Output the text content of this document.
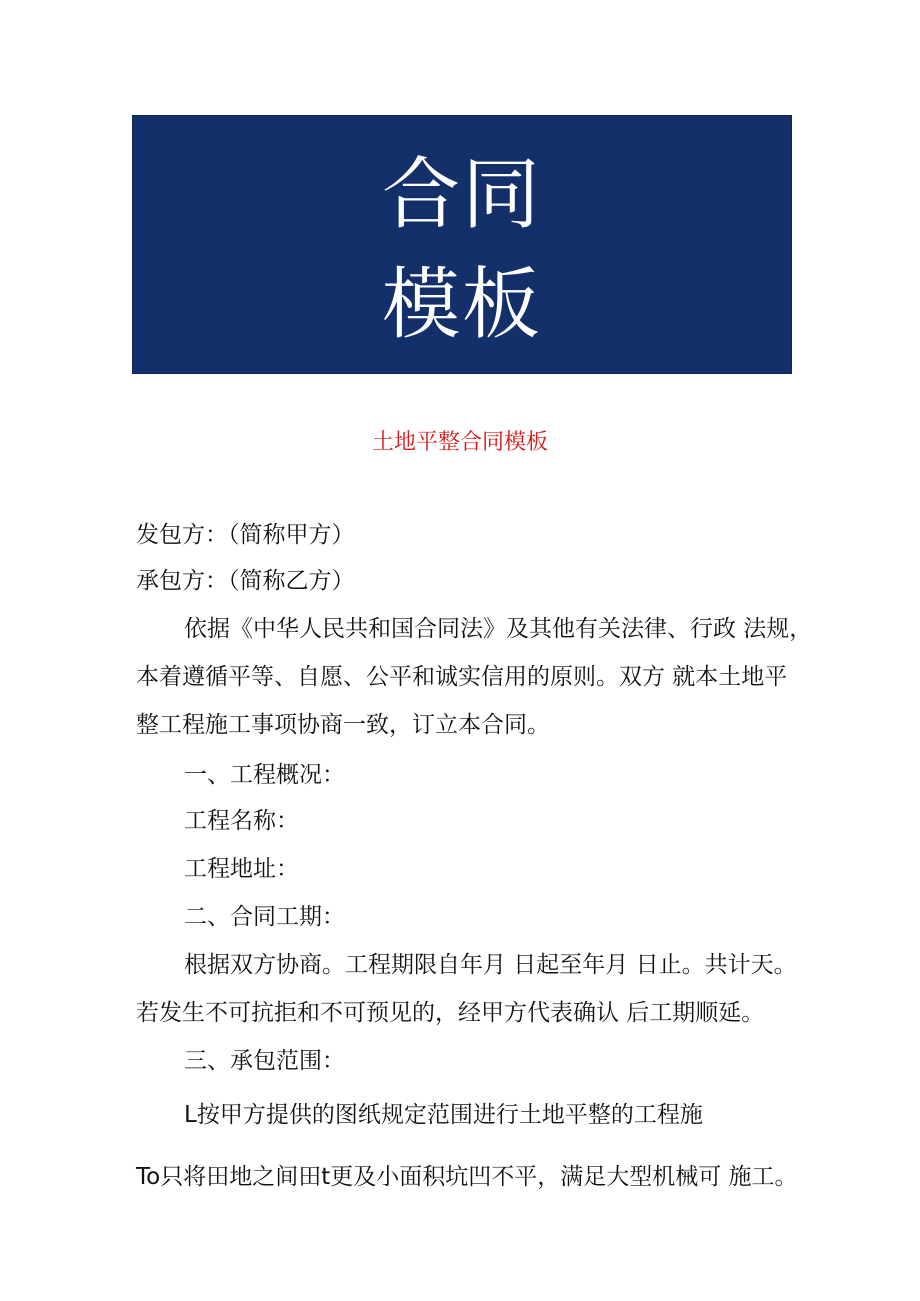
合同
模板
土地平整合同模板
发包方：（简称甲方）
承包方：（简称乙方）
依据《中华人民共和国合同法》及其他有关法律、行政 法规，
本着遵循平等、自愿、公平和诚实信用的原则。双方 就本土地平
整工程施工事项协商一致，订立本合同。
一、工程概况：
工程名称：
工程地址：
二、合同工期：
根据双方协商。工程期限自年月 日起至年月 日止。共计天。
若发生不可抗拒和不可预见的，经甲方代表确认 后工期顺延。
三、承包范围：
L按甲方提供的图纸规定范围进行土地平整的工程施
To只将田地之间田t更及小面积坑凹不平，满足大型机械可 施工。
